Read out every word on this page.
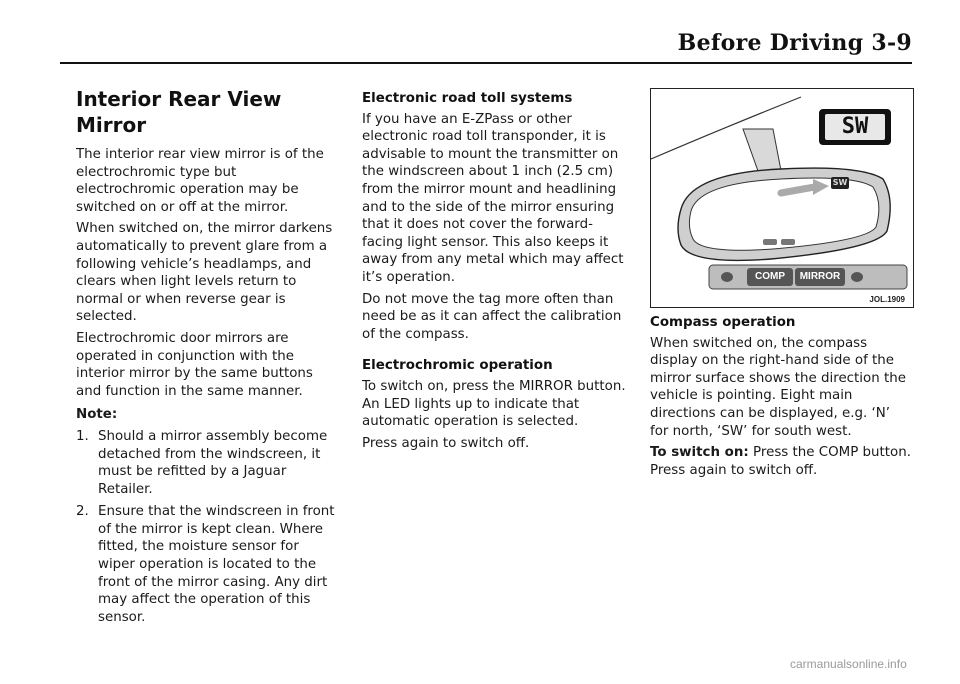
Before Driving 3-9
Interior Rear View Mirror

The interior rear view mirror is of the electrochromic type but electrochromic operation may be switched on or off at the mirror.

When switched on, the mirror darkens automatically to prevent glare from a following vehicle’s headlamps, and clears when light levels return to normal or when reverse gear is selected.

Electrochromic door mirrors are operated in conjunction with the interior mirror by the same buttons and function in the same manner.

Note:
1. Should a mirror assembly become detached from the windscreen, it must be refitted by a Jaguar Retailer.
2. Ensure that the windscreen in front of the mirror is kept clean. Where fitted, the moisture sensor for wiper operation is located to the front of the mirror casing. Any dirt may affect the operation of this sensor.
Electronic road toll systems

If you have an E-ZPass or other electronic road toll transponder, it is advisable to mount the transmitter on the windscreen about 1 inch (2.5 cm) from the mirror mount and headlining and to the side of the mirror ensuring that it does not cover the forward-facing light sensor. This also keeps it away from any metal which may affect it’s operation.

Do not move the tag more often than need be as it can affect the calibration of the compass.

Electrochromic operation

To switch on, press the MIRROR button. An LED lights up to indicate that automatic operation is selected.

Press again to switch off.

SW
SW
COMP	MIRROR
JOL.1909
Compass operation

When switched on, the compass display on the right-hand side of the mirror surface shows the direction the vehicle is pointing. Eight main directions can be displayed, e.g. ‘N’ for north, ‘SW’ for south west.

To switch on: Press the COMP button.

Press again to switch off.

carmanualsonline.info
